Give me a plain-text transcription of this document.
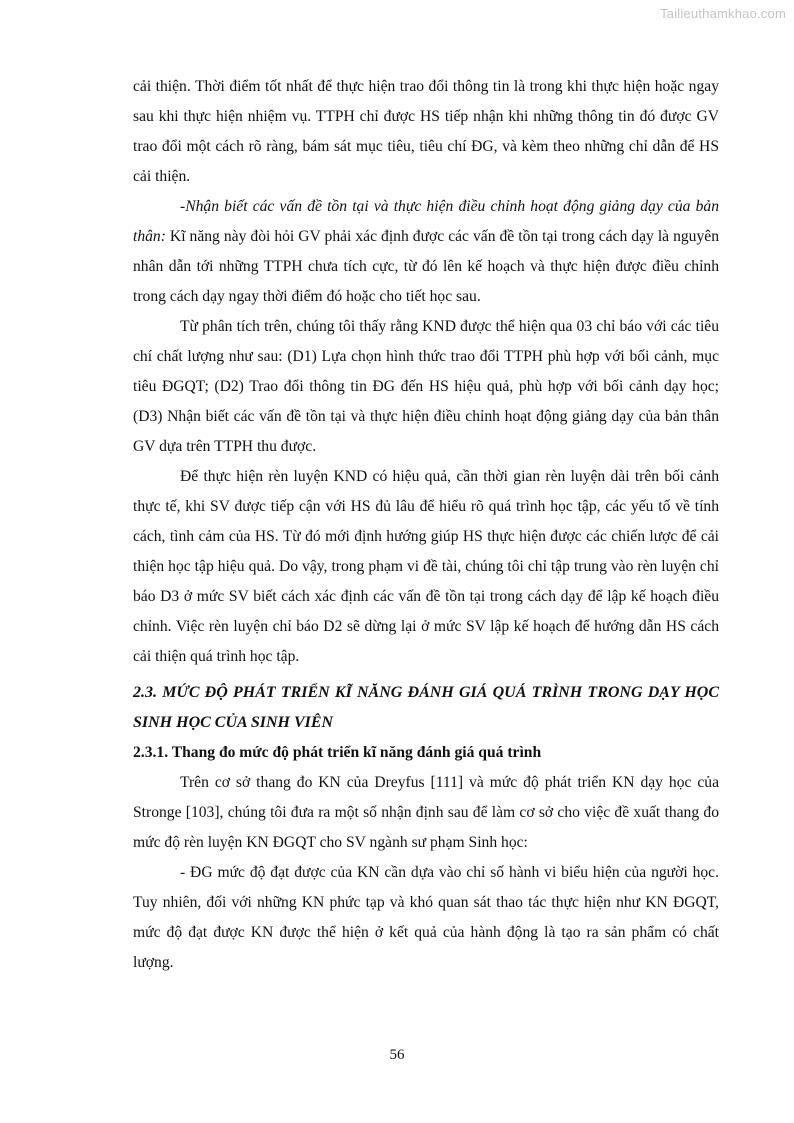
Tailieuthamkhao.com

cải thiện. Thời điểm tốt nhất để thực hiện trao đổi thông tin là trong khi thực hiện hoặc ngay sau khi thực hiện nhiệm vụ. TTPH chỉ được HS tiếp nhận khi những thông tin đó được GV trao đổi một cách rõ ràng, bám sát mục tiêu, tiêu chí ĐG, và kèm theo những chỉ dẫn để HS cải thiện.

-Nhận biết các vấn đề tồn tại và thực hiện điều chỉnh hoạt động giảng dạy của bản thân: Kĩ năng này đòi hỏi GV phải xác định được các vấn đề tồn tại trong cách dạy là nguyên nhân dẫn tới những TTPH chưa tích cực, từ đó lên kế hoạch và thực hiện được điều chỉnh trong cách dạy ngay thời điểm đó hoặc cho tiết học sau.

Từ phân tích trên, chúng tôi thấy rằng KND được thể hiện qua 03 chỉ báo với các tiêu chí chất lượng như sau: (D1) Lựa chọn hình thức trao đổi TTPH phù hợp với bối cảnh, mục tiêu ĐGQT; (D2) Trao đổi thông tin ĐG đến HS hiệu quả, phù hợp với bối cảnh dạy học; (D3) Nhận biết các vấn đề tồn tại và thực hiện điều chỉnh hoạt động giảng dạy của bản thân GV dựa trên TTPH thu được.

Để thực hiện rèn luyện KND có hiệu quả, cần thời gian rèn luyện dài trên bối cảnh thực tế, khi SV được tiếp cận với HS đủ lâu để hiểu rõ quá trình học tập, các yếu tố về tính cách, tình cảm của HS. Từ đó mới định hướng giúp HS thực hiện được các chiến lược để cải thiện học tập hiệu quả. Do vậy, trong phạm vi đề tài, chúng tôi chỉ tập trung vào rèn luyện chỉ báo D3 ở mức SV biết cách xác định các vấn đề tồn tại trong cách dạy để lập kế hoạch điều chỉnh. Việc rèn luyện chỉ báo D2 sẽ dừng lại ở mức SV lập kế hoạch để hướng dẫn HS cách cải thiện quá trình học tập.

2.3. MỨC ĐỘ PHÁT TRIỂN KĨ NĂNG ĐÁNH GIÁ QUÁ TRÌNH TRONG DẠY HỌC SINH HỌC CỦA SINH VIÊN

2.3.1. Thang đo mức độ phát triển kĩ năng đánh giá quá trình

Trên cơ sở thang đo KN của Dreyfus [111] và mức độ phát triển KN dạy học của Stronge [103], chúng tôi đưa ra một số nhận định sau để làm cơ sở cho việc đề xuất thang đo mức độ rèn luyện KN ĐGQT cho SV ngành sư phạm Sinh học:

- ĐG mức độ đạt được của KN cần dựa vào chỉ số hành vi biểu hiện của người học. Tuy nhiên, đối với những KN phức tạp và khó quan sát thao tác thực hiện như KN ĐGQT, mức độ đạt được KN được thể hiện ở kết quả của hành động là tạo ra sản phẩm có chất lượng.

56
